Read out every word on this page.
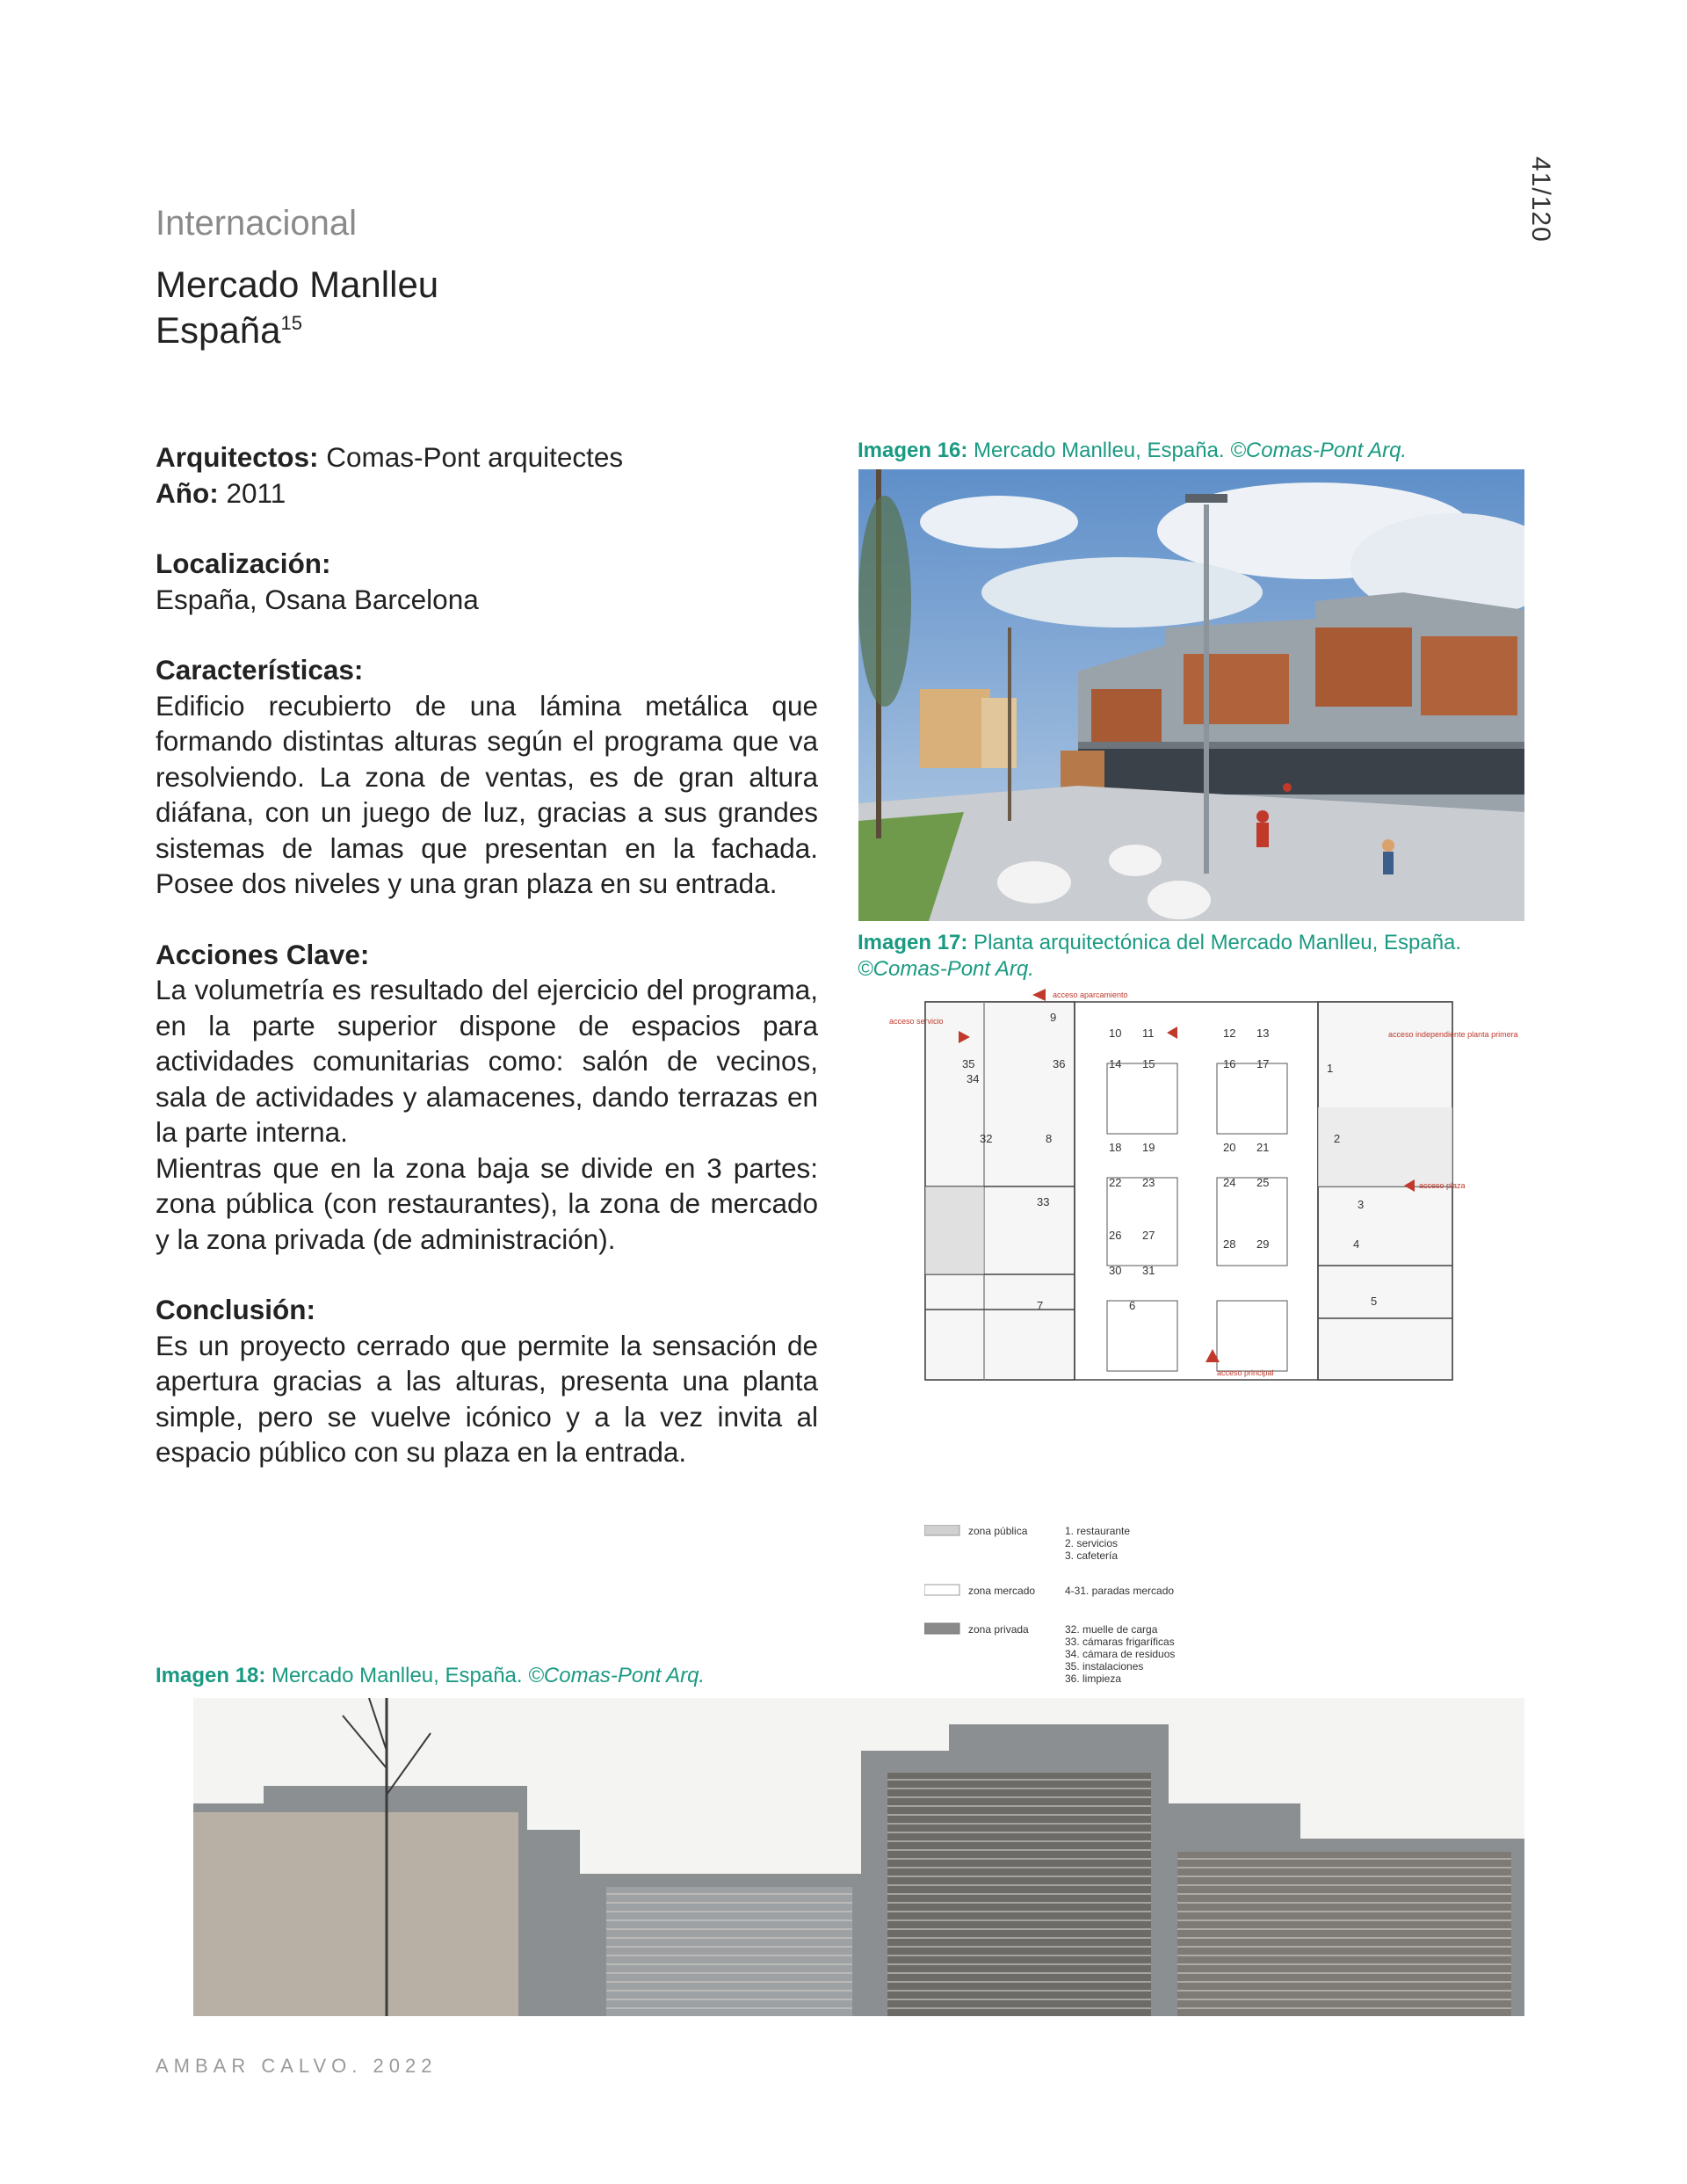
41/120
Internacional
Mercado Manlleu
España$^{15}$

Arquitectos: Comas-Pont arquitectes

Año: 2011

Localización:

España, Osana Barcelona

Características:

Edificio recubierto de una lámina metálica que formando distintas alturas según el programa que va resolviendo. La zona de ventas, es de gran altura diáfana, con un juego de luz, gracias a sus grandes sistemas de lamas que presentan en la fachada. Posee dos niveles y una gran plaza en su entrada.

Acciones Clave:

La volumetría es resultado del ejercicio del programa, en la parte superior dispone de espacios para actividades comunitarias como: salón de vecinos, sala de actividades y alamacenes, dando terrazas en la parte interna.

Mientras que en la zona baja se divide en 3 partes: zona pública (con restaurantes), la zona de mercado y la zona privada (de administración).

Conclusión:

Es un proyecto cerrado que permite la sensación de apertura gracias a las alturas, presenta una planta simple, pero se vuelve icónico y a la vez invita al espacio público con su plaza en la entrada.

Imagen 16: Mercado Manlleu, España. ©Comas-Pont Arq.
Imagen 17: Planta arquitectónica del Mercado Manlleu, España. ©Comas-Pont Arq.
acceso aparcamiento
acceso servicio
acceso independiente planta primera
acceso plaza
acceso principal
1
2
3
4
5
6
7
8
9
10 11	12 13
14 15	16 17
18 19	20 21
22 23	24 25
26 27
28 29
30 31
32
33
34
35	36
zona pública	1. restaurante
2. servicios
3. cafetería
zona mercado	4-31. paradas mercado
zona privada	32. muelle de carga
33. cámaras frigaríficas
34. cámara de residuos
35. instalaciones
36. limpieza
Imagen 18: Mercado Manlleu, España. ©Comas-Pont Arq.
AMBAR CALVO. 2022
